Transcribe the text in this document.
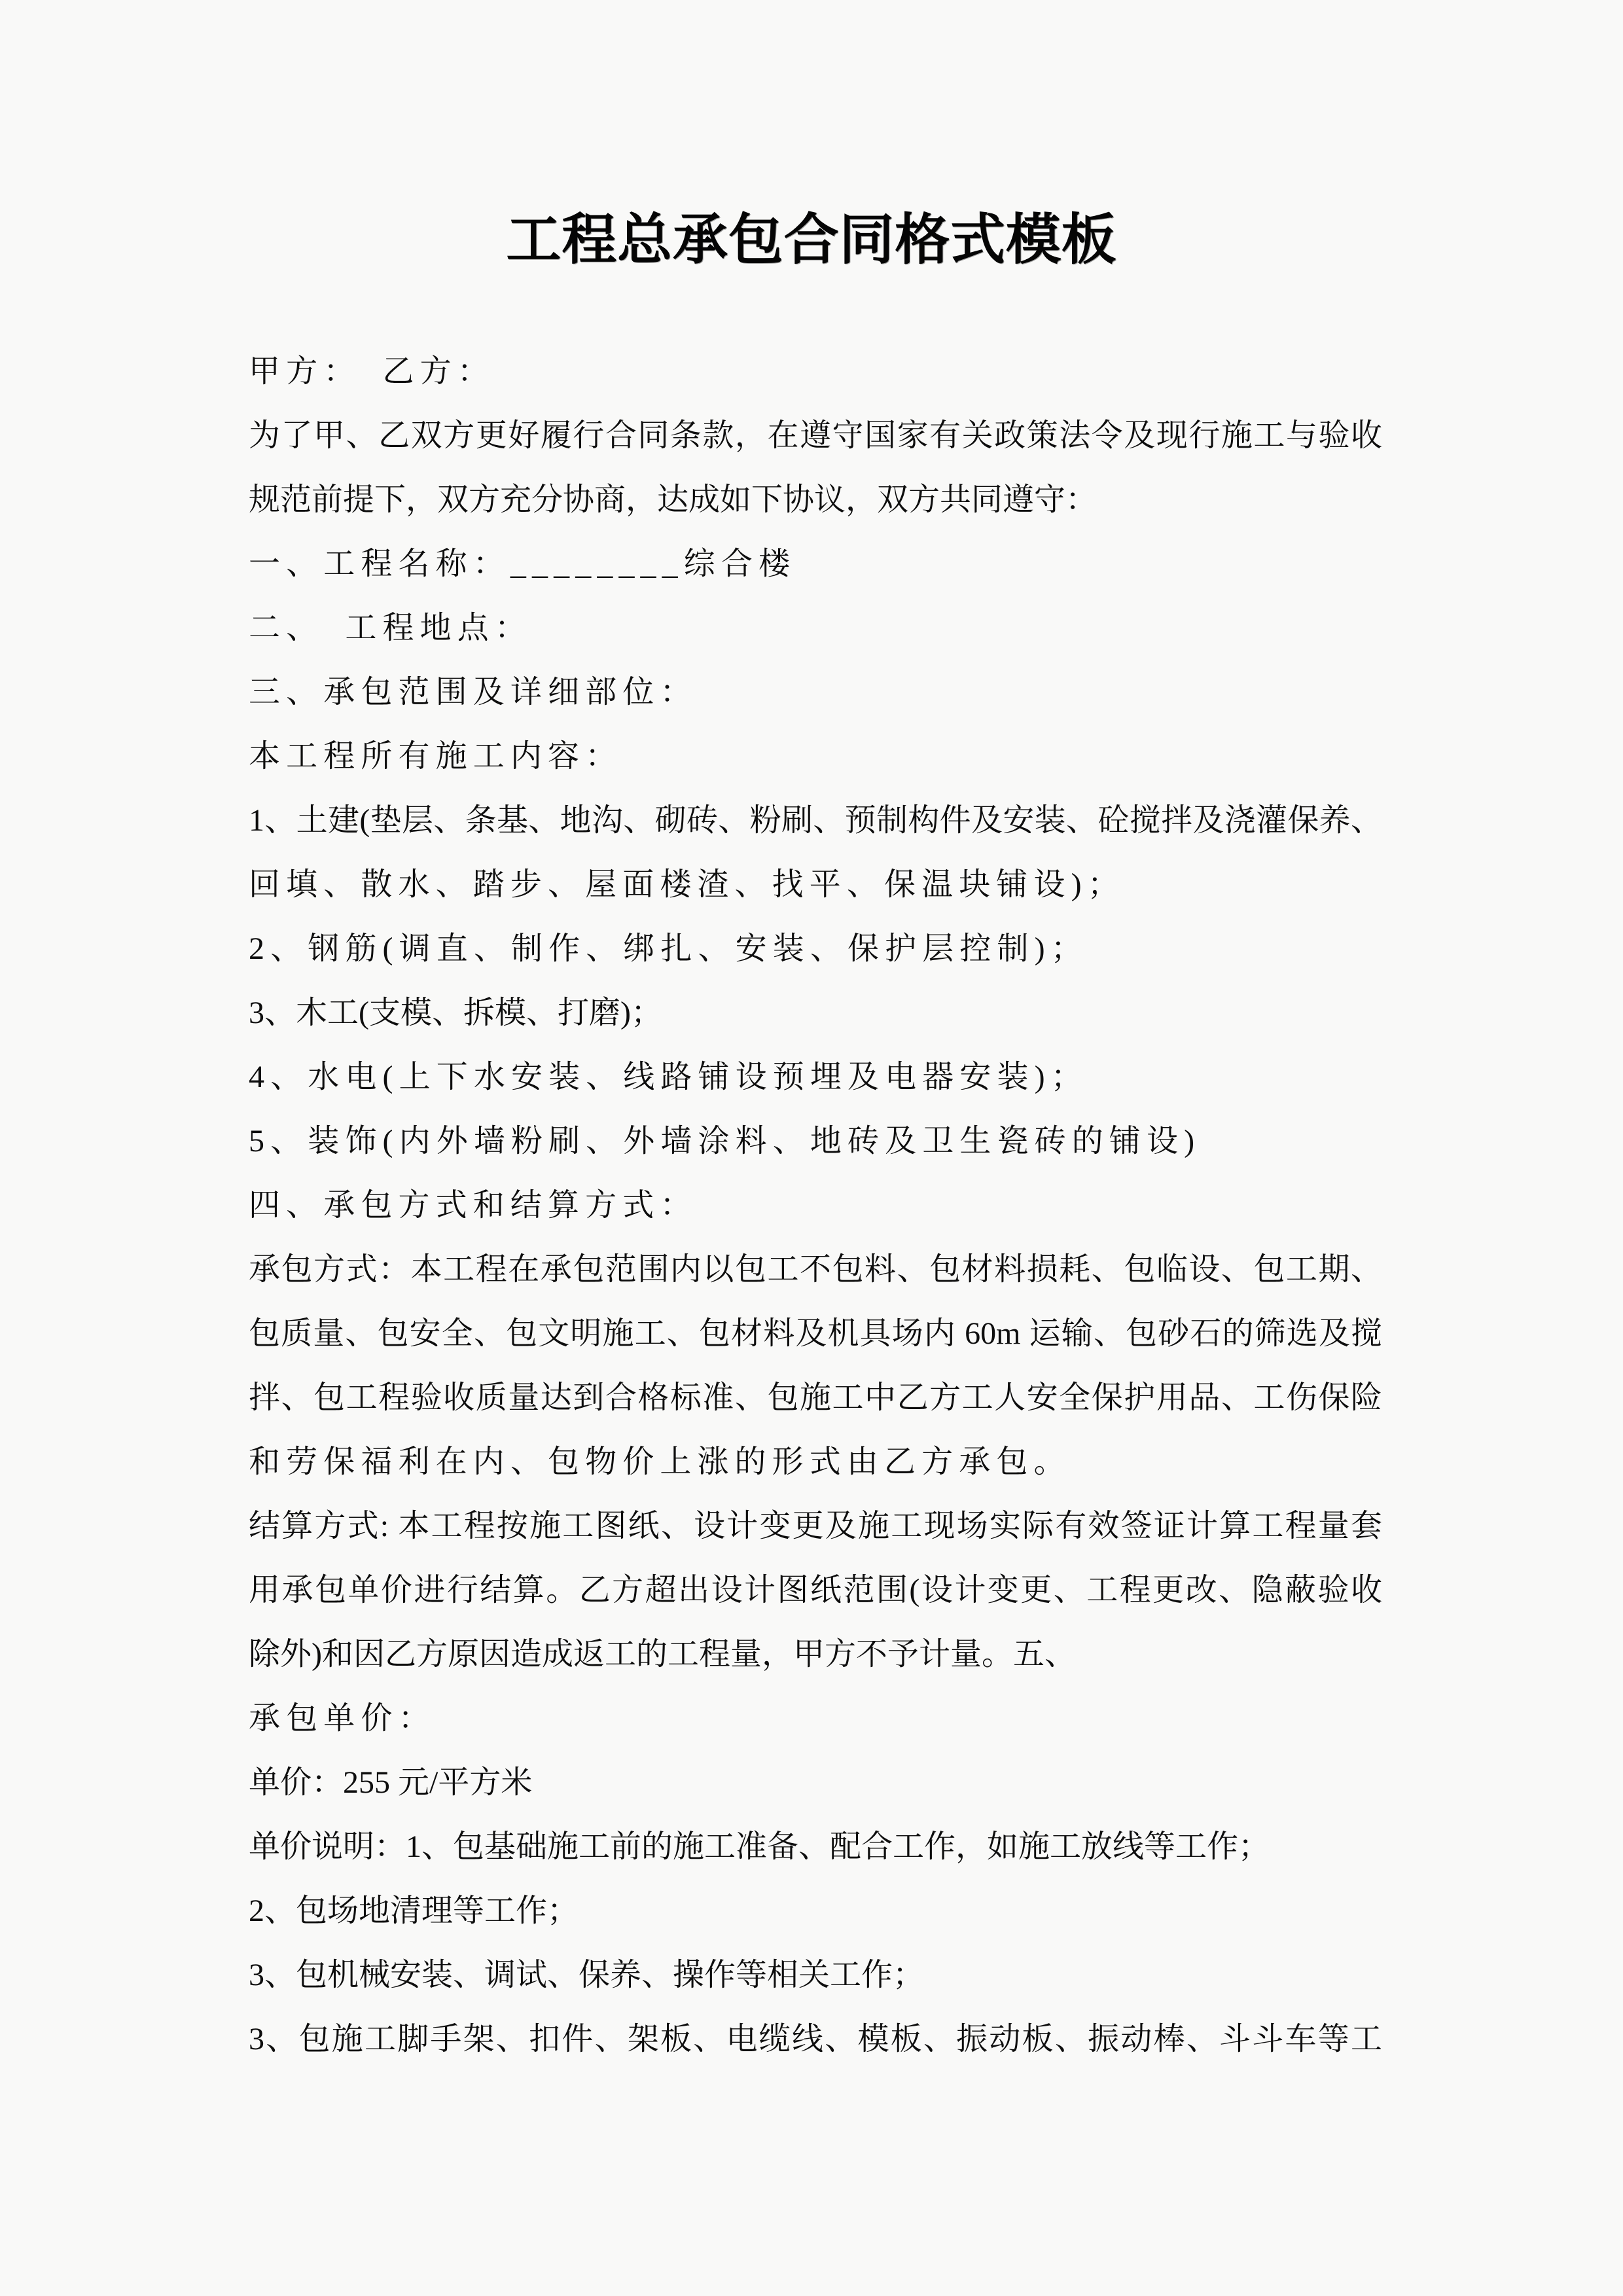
工程总承包合同格式模板
甲方：　乙方：
为了甲、乙双方更好履行合同条款，在遵守国家有关政策法令及现行施工与验收
规范前提下，双方充分协商，达成如下协议，双方共同遵守：
一、工程名称：________综合楼
二、　工程地点：
三、承包范围及详细部位：
本工程所有施工内容：
1、土建(垫层、条基、地沟、砌砖、粉刷、预制构件及安装、砼搅拌及浇灌保养、
回填、散水、踏步、屋面楼渣、找平、保温块铺设)；
2、钢筋(调直、制作、绑扎、安装、保护层控制)；
3、木工(支模、拆模、打磨)；
4、水电(上下水安装、线路铺设预埋及电器安装)；
5、装饰(内外墙粉刷、外墙涂料、地砖及卫生瓷砖的铺设)
四、承包方式和结算方式：
承包方式：本工程在承包范围内以包工不包料、包材料损耗、包临设、包工期、
包质量、包安全、包文明施工、包材料及机具场内 60m 运输、包砂石的筛选及搅
拌、包工程验收质量达到合格标准、包施工中乙方工人安全保护用品、工伤保险
和劳保福利在内、包物价上涨的形式由乙方承包。
结算方式: 本工程按施工图纸、设计变更及施工现场实际有效签证计算工程量套
用承包单价进行结算。乙方超出设计图纸范围(设计变更、工程更改、隐蔽验收
除外)和因乙方原因造成返工的工程量，甲方不予计量。五、
承包单价：
单价：255 元/平方米
单价说明：1、包基础施工前的施工准备、配合工作，如施工放线等工作；
2、包场地清理等工作；
3、包机械安装、调试、保养、操作等相关工作；
3、包施工脚手架、扣件、架板、电缆线、模板、振动板、振动棒、斗斗车等工
